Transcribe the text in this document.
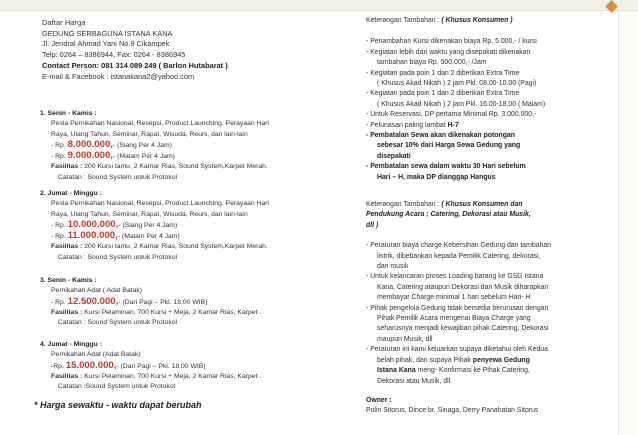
Daftar Harga
GEDUNG SERBAGUNA ISTANA KANA
Jl. Jendral Ahmad Yani No.9 Cikampek
Telp: 0264 – 8386944, Fax: 0264 - 8386945
Contact Person: 081 314 089 249 ( Barlon Hutabarat )
E-mail & Facebook : istanakana2@yahoo.com
1. Senin - Kamis :
Pesta Pernikahan Nasional, Resepsi, Product Launching, Perayaan Hari
Raya, Ulang Tahun, Seminar, Rapat, Wisuda, Reuni, dan lain-lain
- Rp. 8.000.000,- (Siang Per 4 Jam)
- Rp. 9.000.000,- (Malam Per 4 Jam)
Fasilitas : 200 Kursi tamu, 2 Kamar Rias, Sound System,Karpet Merah.
Catatan : Sound System untuk Protokol
2. Jumat - Minggu :
Pesta Pernikahan Nasional, Resepsi, Product Launching, Perayaan Hari
Raya, Ulang Tahun, Seminar, Rapat, Wisuda, Reuni, dan lain-lain
- Rp. 10.000.000,- (Siang Per 4 Jam)
- Rp. 11.000.000,- (Malam Per 4 Jam)
Fasilitas : 200 Kursi tamu, 2 Kamar Rias, Sound System,Karpet Merah.
Catatan : Sound System untuk Protokol
3. Senin - Kamis :
Pernikahan Adat ( Adat Batak)
- Rp. 12.500.000,- (Dari Pagi – Pkl. 18.00 WIB)
Fasilitas : Kursi Pelaminan, 700 Kursi + Meja, 2 Kamar Rias, Karpet .
Catatan : Sound System untuk Protokol
4. Jumat - Minggu :
Pernikahan Adat (Adat Batak)
-Rp. 15.000.000,- (Dari Pagi – Pkl. 18.00 WIB)
Fasilitas : Kursi Pelaminan, 700 Kursi + Meja, 2 Kamar Rias, Karpet .
Catatan :Sound System untuk Protokol
* Harga sewaktu - waktu dapat berubah
Keterangan Tambahan : ( Khusus Konsumen )
- Penambahan Kursi dikenakan biaya Rp. 5.000,- / kursi
- Kegiatan lebih dari waktu yang disepakati dikenakan
tambahan biaya Rp. 500.000,- /Jam
- Kegiatan pada poin 1 dan 2 diberikan Extra Time
( Khusus Akad Nikah ) 2 jam Pkl. 08.00-10.00 (Pagi)
- Kegiatan pada poin 1 dan 2 diberikan Extra Time
( Khusus Akad Nikah ) 2 jam Pkl. 16.00-18.00 ( Malam)
- Untuk Reservasi, DP pertama Minimal Rp. 3.000.000,-
- Pelunasan paling lambat H-7
- Pembatalan Sewa akan dikenakan potongan
sebesar 10% dari Harga Sewa Gedung yang
disepakati
- Pembatalan sewa dalam waktu 30 Hari sebelum
Hari – H, maka DP dianggap Hangus
Keterangan Tambahan : ( Khusus Konsumen dan
Pendukung Acara ; Catering, Dekorasi atau Musik,
dll )
- Peraturan biaya charge Kebersihan Gedung dan tambahan
listrik, dibebankan kepada Pemilik Catering, dekorasi,
dan musik
- Untuk kelancaran proses Loading barang ke GSG Istana
Kana, Catering ataupun Dekorasi dan Musik diharapkan
membayar Charge minimal 1 hari sebelum Hari- H
- Pihak pengelola Gedung tidak bersedia berurusan dengan
Pihak Pemilik Acara mengenai Biaya Charge yang
seharusnya menjadi kewajiban pihak Catering, Dekorasi
maupun Musik, dll
- Peraturan ini kami keluarkan supaya diketahui oleh Kedua
belah pihak, dan supaya Pihak penyewa Gedung
Istana Kana meng- Konfirmasi ke Pihak Catering,
Dekorasi atau Musik, dll.
Owner :
Polin Sitorus, Dince br. Sinaga, Derry Panahatan Sitorus
